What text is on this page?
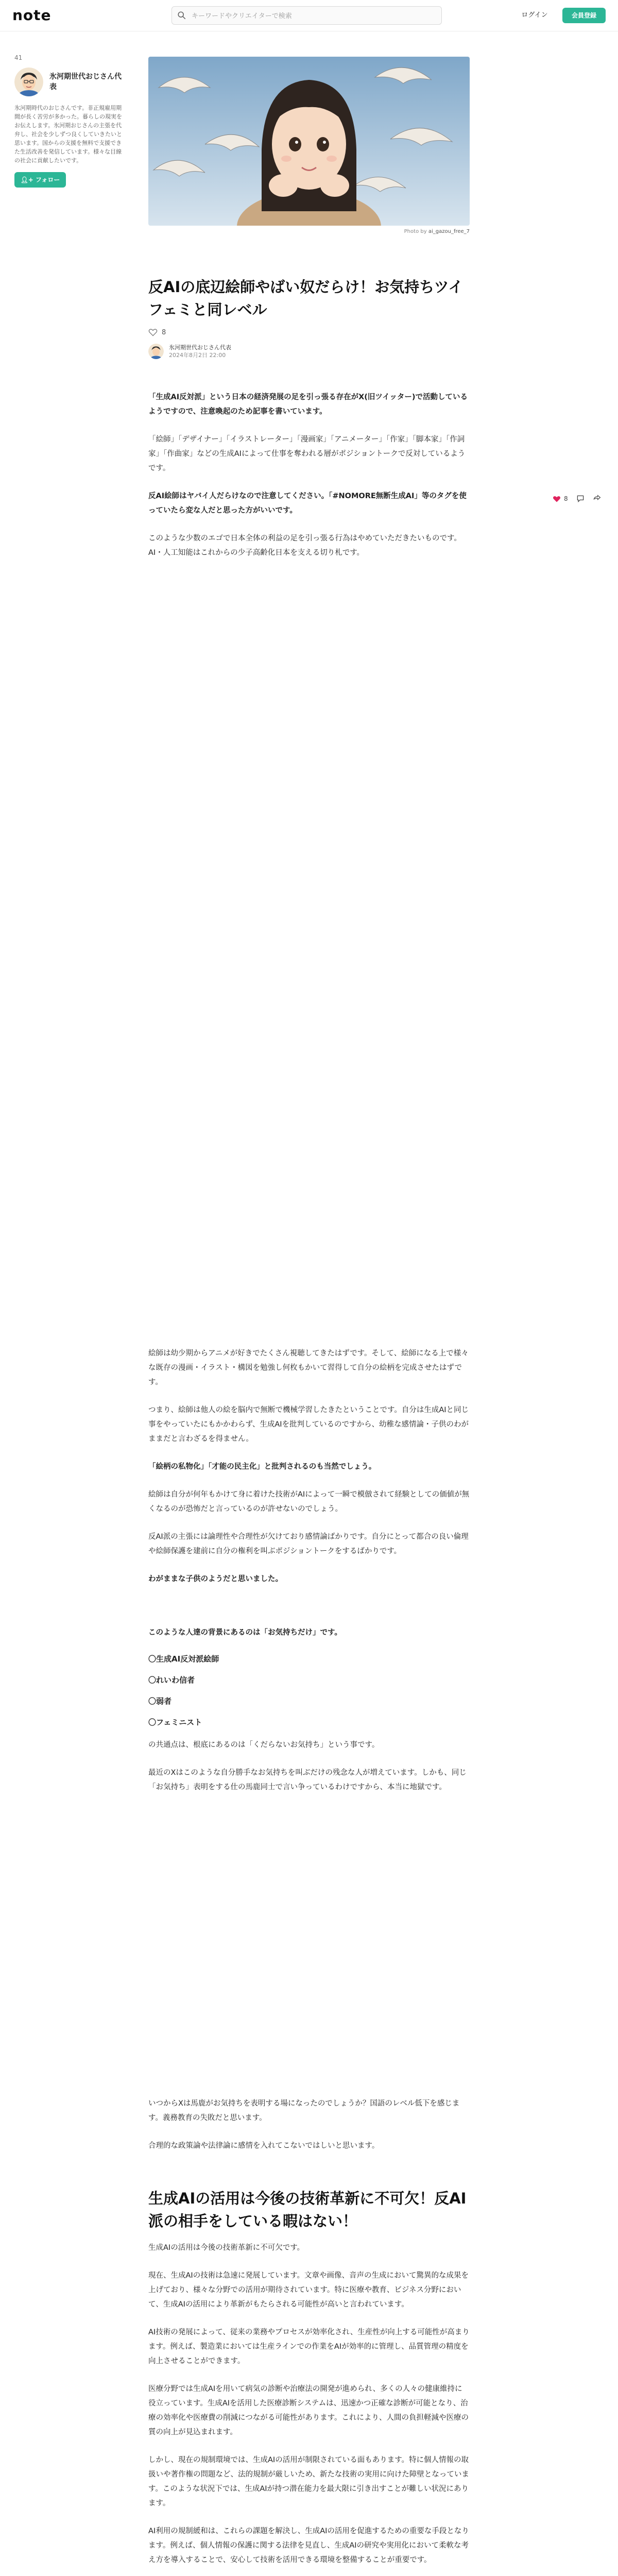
note
キーワードやクリエイターで検索	ログイン	会員登録
41
氷河期世代おじさん代表
氷河期時代のおじさんです。非正規雇用期間が長く苦労が多かった。暮らしの現実をお伝えします。氷河期おじさんの主張を代弁し、社会を少しずつ良くしていきたいと思います。国からの支援を無料で支援できた生活改善を発信しています。様々な目線の社会に貢献したいです。
👤︎+ フォロー
Photo by ai_gazou_free_7
反AIの底辺絵師やばい奴だらけ！お気持ちツイフェミと同レベル
8
氷河期世代おじさん代表
2024年8月2日 22:00

「生成AI反対派」という日本の経済発展の足を引っ張る存在がX(旧ツイッター)で活動しているようですので、注意喚起のため記事を書いています。

「絵師」「デザイナー」「イラストレーター」「漫画家」「アニメーター」「作家」「脚本家」「作詞家」「作曲家」などの生成AIによって仕事を奪われる層がポジショントークで反対しているようです。

反AI絵師はヤバイ人だらけなので注意してください。「#NOMORE無断生成AI」等のタグを使っていたら変な人だと思った方がいいです。

このような少数のエゴで日本全体の利益の足を引っ張る行為はやめていただきたいものです。AI・人工知能はこれからの少子高齢化日本を支える切り札です。

絵師は幼少期からアニメが好きでたくさん視聴してきたはずです。そして、絵師になる上で様々な既存の漫画・イラスト・構図を勉強し何枚もかいて習得して自分の絵柄を完成させたはずです。

つまり、絵師は他人の絵を脳内で無断で機械学習したきたということです。自分は生成AIと同じ事をやっていたにもかかわらず、生成AIを批判しているのですから、幼稚な感情論・子供のわがままだと言わざるを得ません。

「絵柄の私物化」「才能の民主化」と批判されるのも当然でしょう。

絵師は自分が何年もかけて身に着けた技術がAIによって一瞬で模倣されて経験としての価値が無くなるのが恐怖だと言っているのが許せないのでしょう。

反AI派の主張には論理性や合理性が欠けており感情論ばかりです。自分にとって都合の良い倫理や絵師保護を建前に自分の権利を叫ぶポジショントークをするばかりです。

わがままな子供のようだと思いました。

このような人達の背景にあるのは「お気持ちだけ」です。

〇生成AI反対派絵師
〇れいわ信者
〇弱者
〇フェミニスト

の共通点は、根底にあるのは「くだらないお気持ち」という事です。

最近のXはこのような自分勝手なお気持ちを叫ぶだけの残念な人が増えています。しかも、同じ「お気持ち」表明をする仕の馬鹿同士で言い争っているわけですから、本当に地獄です。

いつからXは馬鹿がお気持ちを表明する場になったのでしょうか？国語のレベル低下を感じます。義務教育の失敗だと思います。

合理的な政策論や法律論に感情を入れてこないではしいと思います。

生成AIの活用は今後の技術革新に不可欠！反AI派の相手をしている暇はない！

生成AIの活用は今後の技術革新に不可欠です。

現在、生成AIの技術は急速に発展しています。文章や画像、音声の生成において驚異的な成果を上げており、様々な分野での活用が期待されています。特に医療や教育、ビジネス分野において、生成AIの活用により革新がもたらされる可能性が高いと言われています。

AI技術の発展によって、従来の業務やプロセスが効率化され、生産性が向上する可能性が高まります。例えば、製造業においては生産ラインでの作業をAIが効率的に管理し、品質管理の精度を向上させることができます。

医療分野では生成AIを用いて病気の診断や治療法の開発が進められ、多くの人々の健康維持に役立っています。生成AIを活用した医療診断システムは、迅速かつ正確な診断が可能となり、治療の効率化や医療費の削減につながる可能性があります。これにより、人間の負担軽減や医療の質の向上が見込まれます。

しかし、現在の規制環境では、生成AIの活用が制限されている面もあります。特に個人情報の取扱いや著作権の問題など、法的規制が厳しいため、新たな技術の実用に向けた障壁となっています。このような状況下では、生成AIが持つ潜在能力を最大限に引き出すことが難しい状況にあります。

AI利用の規制緩和は、これらの課題を解決し、生成AIの活用を促進するための重要な手段となります。例えば、個人情報の保護に関する法律を見直し、生成AIの研究や実用化において柔軟な考え方を導入することで、安心して技術を活用できる環境を整備することが重要です。

8
